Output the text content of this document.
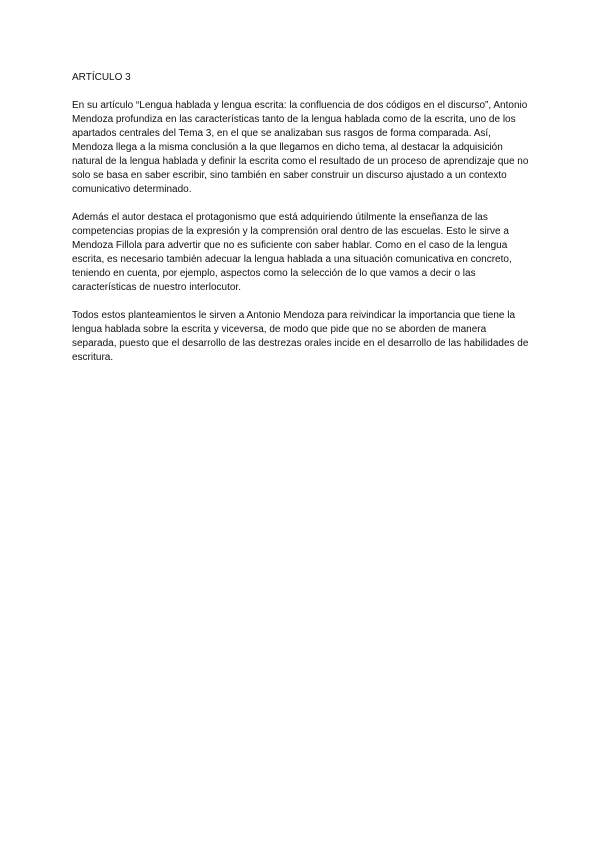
ARTÍCULO 3

En su artículo “Lengua hablada y lengua escrita: la confluencia de dos códigos en el discurso”, Antonio Mendoza profundiza en las características tanto de la lengua hablada como de la escrita, uno de los apartados centrales del Tema 3, en el que se analizaban sus rasgos de forma comparada. Así, Mendoza llega a la misma conclusión a la que llegamos en dicho tema, al destacar la adquisición natural de la lengua hablada y definir la escrita como el resultado de un proceso de aprendizaje que no solo se basa en saber escribir, sino también en saber construir un discurso ajustado a un contexto comunicativo determinado.

Además el autor destaca el protagonismo que está adquiriendo útilmente la enseñanza de las competencias propias de la expresión y la comprensión oral dentro de las escuelas. Esto le sirve a Mendoza Fillola para advertir que no es suficiente con saber hablar. Como en el caso de la lengua escrita, es necesario también adecuar la lengua hablada a una situación comunicativa en concreto, teniendo en cuenta, por ejemplo, aspectos como la selección de lo que vamos a decir o las características de nuestro interlocutor.

Todos estos planteamientos le sirven a Antonio Mendoza para reivindicar la importancia que tiene la lengua hablada sobre la escrita y viceversa, de modo que pide que no se aborden de manera separada, puesto que el desarrollo de las destrezas orales incide en el desarrollo de las habilidades de escritura.
